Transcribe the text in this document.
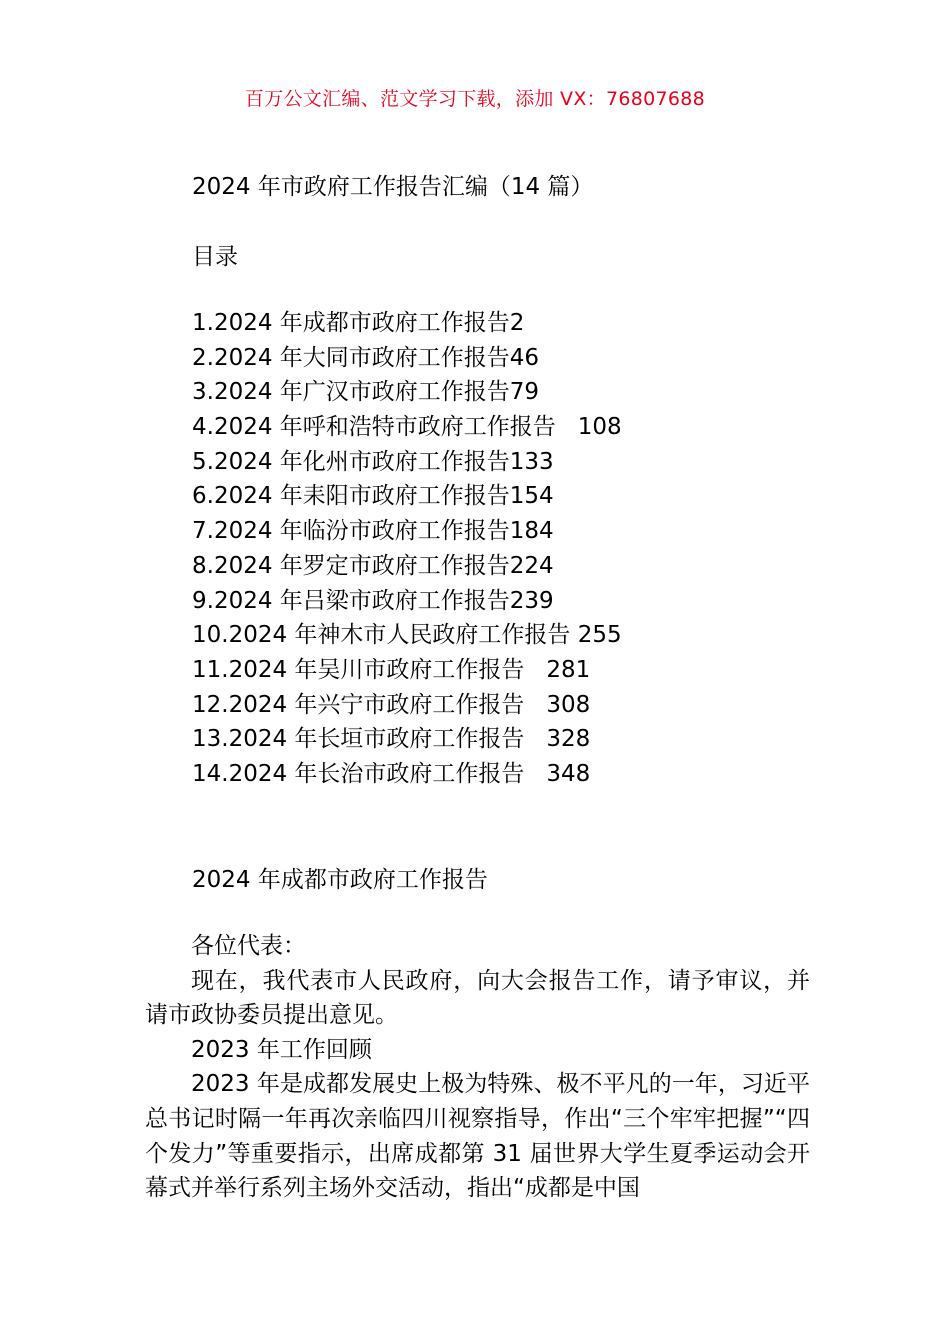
百万公文汇编、范文学习下载，添加 VX：76807688
2024 年市政府工作报告汇编（14 篇）
目录
1.2024 年成都市政府工作报告2
2.2024 年大同市政府工作报告46
3.2024 年广汉市政府工作报告79
4.2024 年呼和浩特市政府工作报告   108
5.2024 年化州市政府工作报告133
6.2024 年耒阳市政府工作报告154
7.2024 年临汾市政府工作报告184
8.2024 年罗定市政府工作报告224
9.2024 年吕梁市政府工作报告239
10.2024 年神木市人民政府工作报告 255
11.2024 年吴川市政府工作报告   281
12.2024 年兴宁市政府工作报告   308
13.2024 年长垣市政府工作报告   328
14.2024 年长治市政府工作报告   348
2024 年成都市政府工作报告

各位代表：

现在，我代表市人民政府，向大会报告工作，请予审议，并请市政协委员提出意见。

2023 年工作回顾

2023 年是成都发展史上极为特殊、极不平凡的一年，习近平总书记时隔一年再次亲临四川视察指导，作出“三个牢牢把握”“四个发力”等重要指示，出席成都第 31 届世界大学生夏季运动会开幕式并举行系列主场外交活动，指出“成都是中国
